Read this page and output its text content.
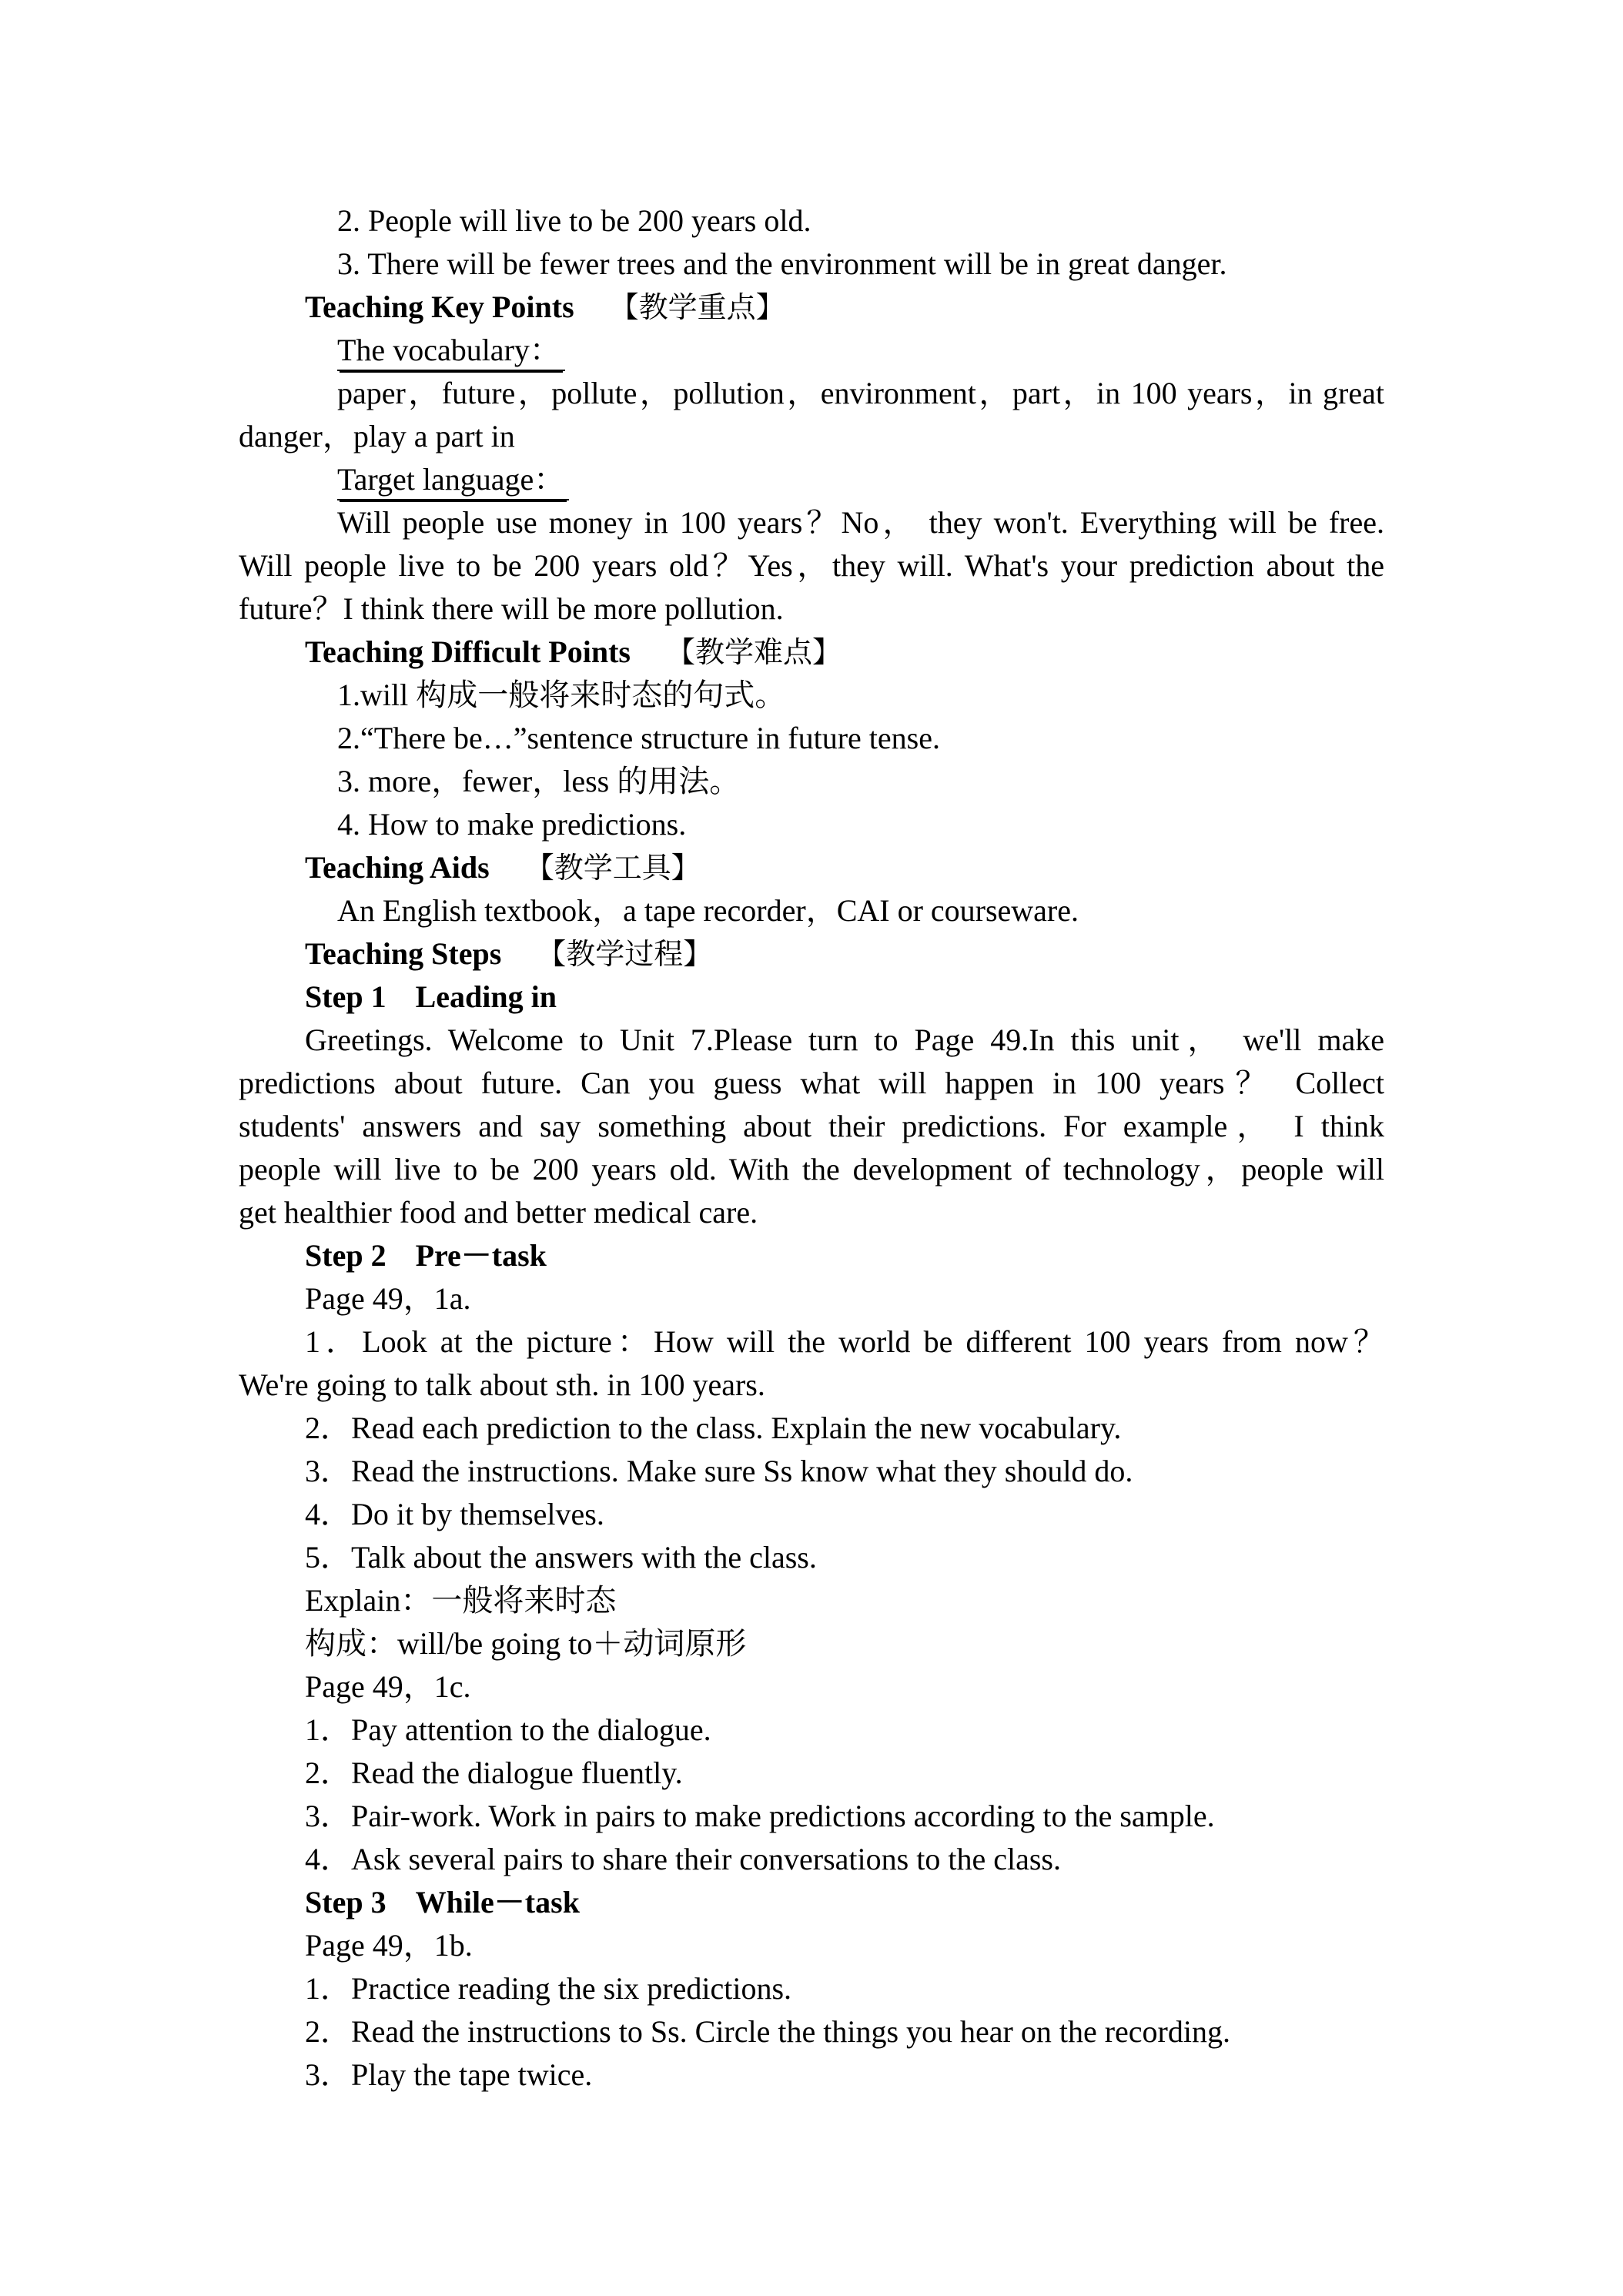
2. People will live to be 200 years old.
3. There will be fewer trees and the environment will be in great danger.
Teaching Key Points 【教学重点】
The vocabulary：
paper，future，pollute，pollution，environment，part，in 100 years，in great
danger，play a part in
Target language：
Will people use money in 100 years？No， they won't. Everything will be free.
Will people live to be 200 years old？Yes，they will. What's your prediction about the
future？I think there will be more pollution.
Teaching Difficult Points 【教学难点】
1.will 构成一般将来时态的句式。
2.“There be…”sentence structure in future tense.
3. more，fewer，less 的用法。
4. How to make predictions.
Teaching Aids 【教学工具】
An English textbook，a tape recorder，CAI or courseware.
Teaching Steps 【教学过程】
Step 1 Leading in
Greetings. Welcome to Unit 7.Please turn to Page 49.In this unit， we'll make
predictions about future. Can you guess what will happen in 100 years？ Collect
students' answers and say something about their predictions. For example， I think
people will live to be 200 years old. With the development of technology，people will
get healthier food and better medical care.
Step 2 Pre－task
Page 49，1a.
1．Look at the picture：How will the world be different 100 years from now？
We're going to talk about sth. in 100 years.
2．Read each prediction to the class. Explain the new vocabulary.
3．Read the instructions. Make sure Ss know what they should do.
4．Do it by themselves.
5．Talk about the answers with the class.
Explain：一般将来时态
构成：will/be going to＋动词原形
Page 49，1c.
1．Pay attention to the dialogue.
2．Read the dialogue fluently.
3．Pair-work. Work in pairs to make predictions according to the sample.
4．Ask several pairs to share their conversations to the class.
Step 3 While－task
Page 49，1b.
1．Practice reading the six predictions.
2．Read the instructions to Ss. Circle the things you hear on the recording.
3．Play the tape twice.
